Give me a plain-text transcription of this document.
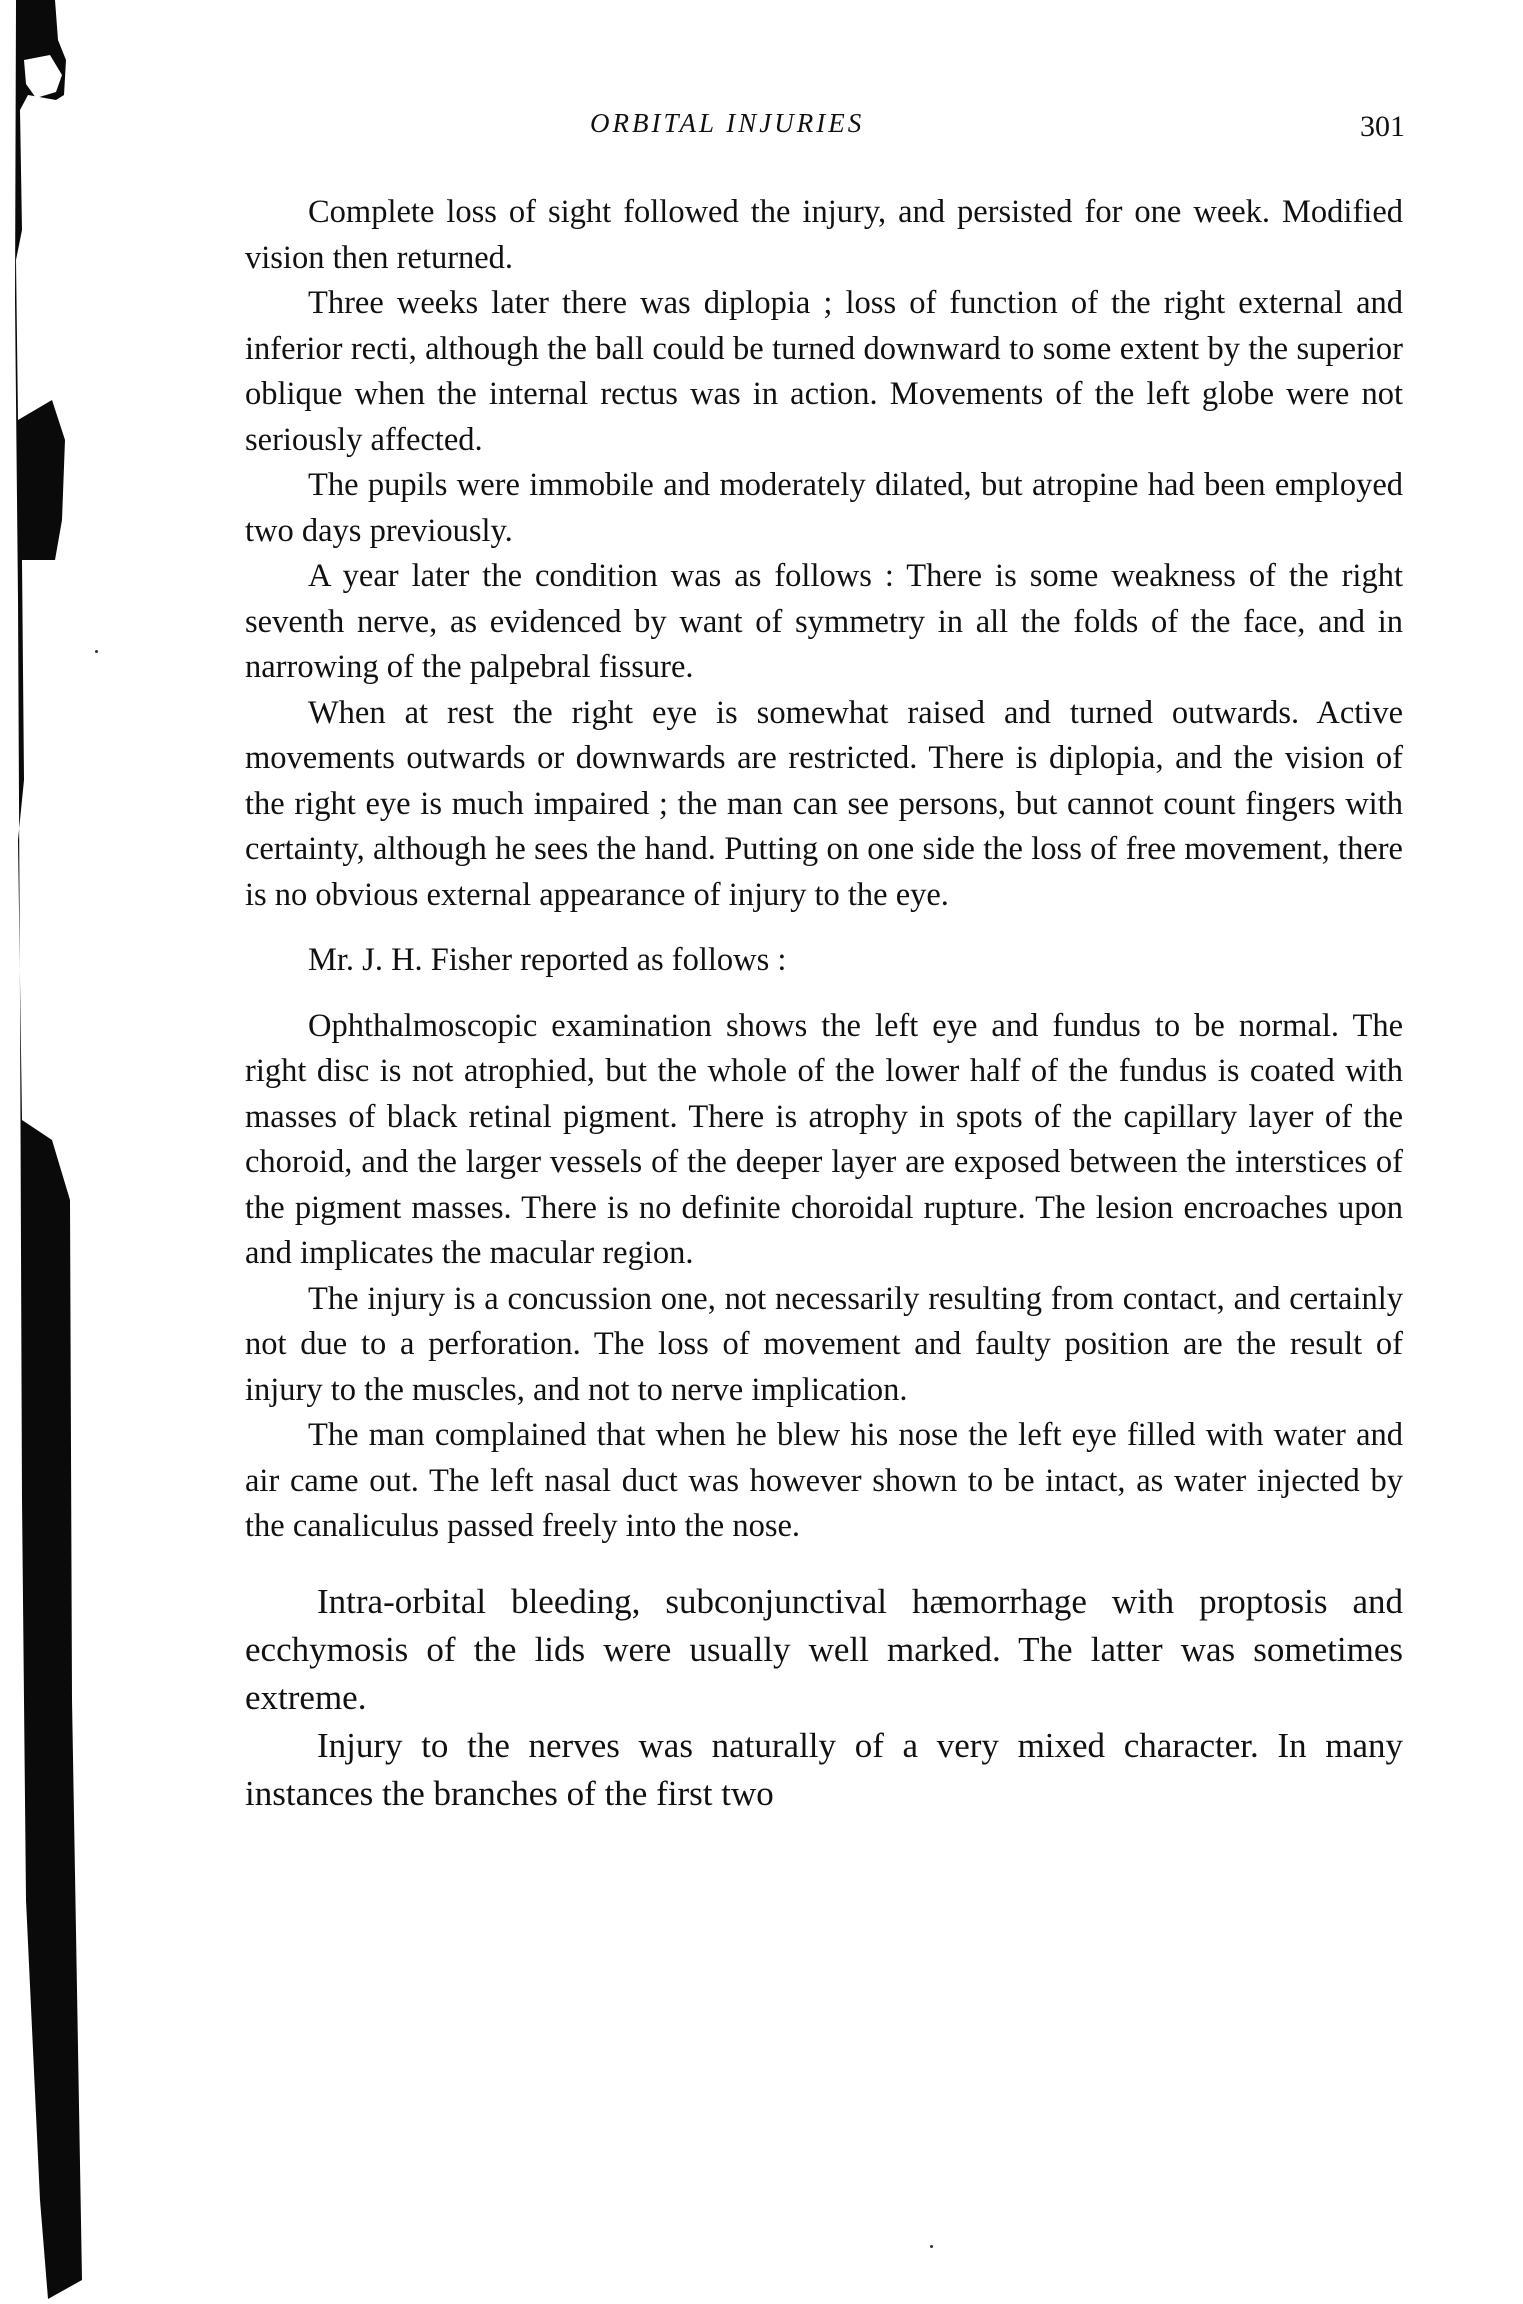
ORBITAL INJURIES	301

Complete loss of sight followed the injury, and persisted for one week. Modified vision then returned.

Three weeks later there was diplopia ; loss of function of the right external and inferior recti, although the ball could be turned downward to some extent by the superior oblique when the internal rectus was in action. Movements of the left globe were not seriously affected.

The pupils were immobile and moderately dilated, but atropine had been employed two days previously.

A year later the condition was as follows : There is some weakness of the right seventh nerve, as evidenced by want of symmetry in all the folds of the face, and in narrowing of the palpebral fissure.

When at rest the right eye is somewhat raised and turned outwards. Active movements outwards or downwards are restricted. There is diplopia, and the vision of the right eye is much impaired ; the man can see persons, but cannot count fingers with certainty, although he sees the hand. Putting on one side the loss of free movement, there is no obvious external appearance of injury to the eye.

Mr. J. H. Fisher reported as follows :

Ophthalmoscopic examination shows the left eye and fundus to be normal. The right disc is not atrophied, but the whole of the lower half of the fundus is coated with masses of black retinal pigment. There is atrophy in spots of the capillary layer of the choroid, and the larger vessels of the deeper layer are exposed between the interstices of the pigment masses. There is no definite choroidal rupture. The lesion encroaches upon and implicates the macular region.

The injury is a concussion one, not necessarily resulting from contact, and certainly not due to a perforation. The loss of movement and faulty position are the result of injury to the muscles, and not to nerve implication.

The man complained that when he blew his nose the left eye filled with water and air came out. The left nasal duct was however shown to be intact, as water injected by the canaliculus passed freely into the nose.

Intra-orbital bleeding, subconjunctival hæmorrhage with proptosis and ecchymosis of the lids were usually well marked. The latter was sometimes extreme.

Injury to the nerves was naturally of a very mixed character. In many instances the branches of the first two
